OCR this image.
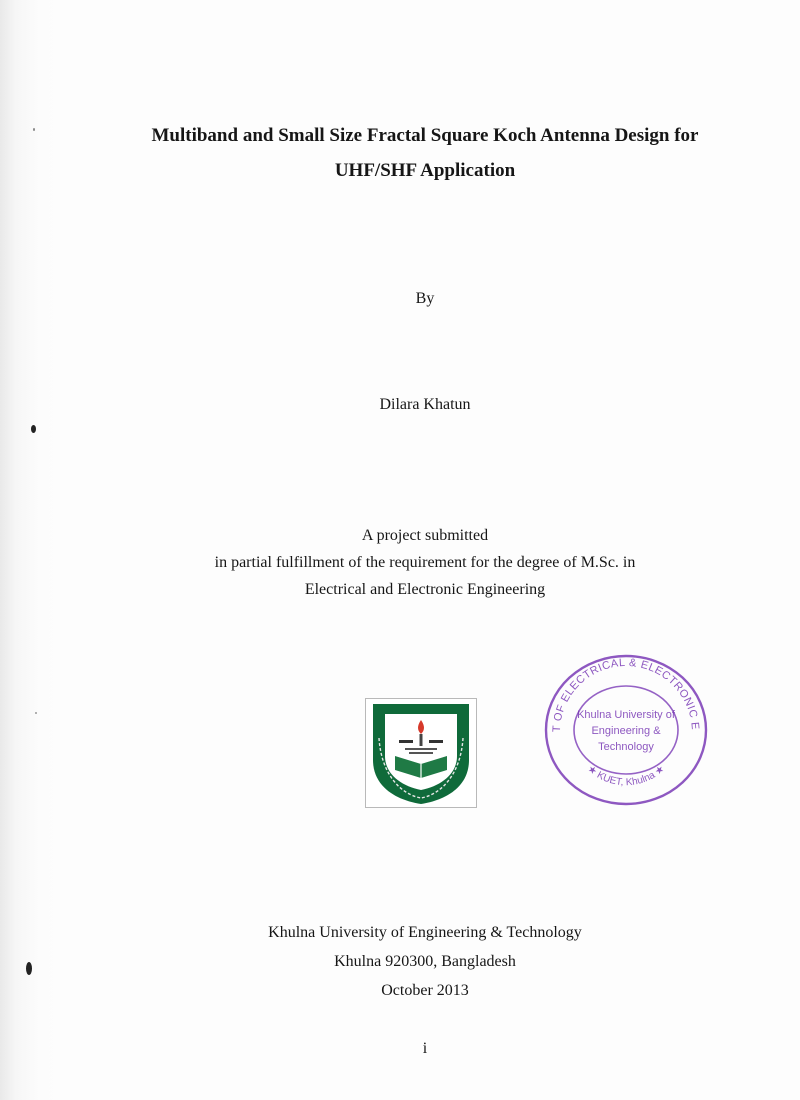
Multiband and Small Size Fractal Square Koch Antenna Design for
UHF/SHF Application
By
Dilara Khatun
A project submitted
in partial fulfillment of the requirement for the degree of M.Sc. in
Electrical and Electronic Engineering
T OF ELECTRICAL & ELECTRONIC E
Khulna University of
Engineering &
Technology
★ KUET, Khulna ★
Khulna University of Engineering & Technology
Khulna 920300, Bangladesh
October 2013
i
